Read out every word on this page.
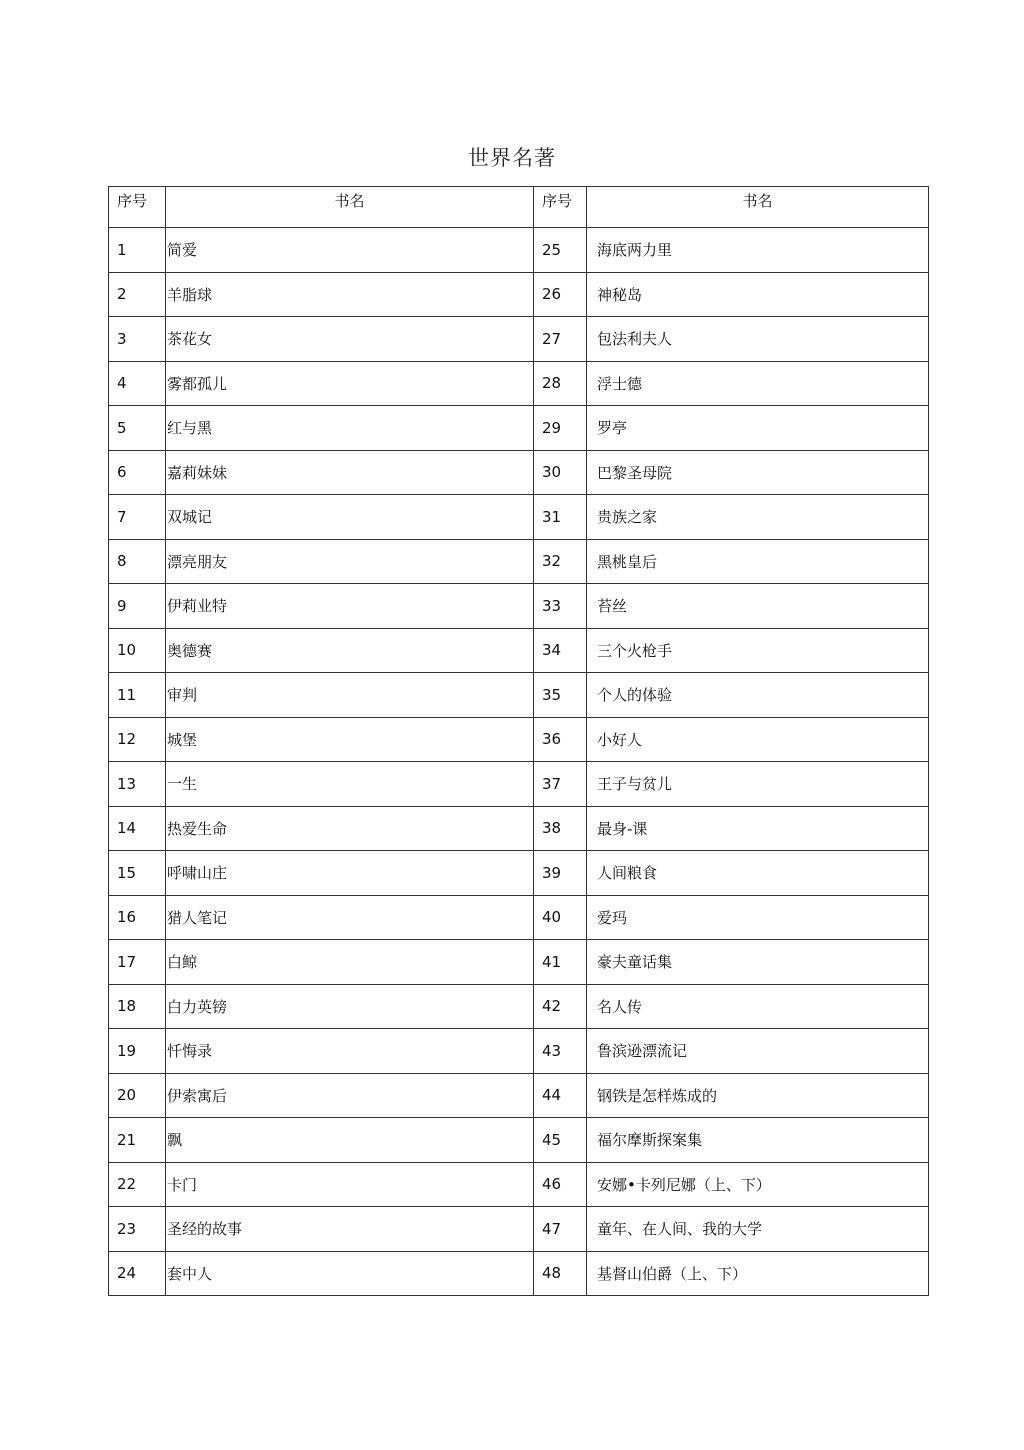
世界名著
序号	书名	序号	书名
1	简爱	25	海底两力里
2	羊脂球	26	神秘岛
3	茶花女	27	包法利夫人
4	雾都孤儿	28	浮士德
5	红与黑	29	罗亭
6	嘉莉妹妹	30	巴黎圣母院
7	双城记	31	贵族之家
8	漂亮朋友	32	黑桃皇后
9	伊莉业特	33	苔丝
10	奥德赛	34	三个火枪手
11	审判	35	个人的体验
12	城堡	36	小好人
13	一生	37	王子与贫儿
14	热爱生命	38	最身-课
15	呼啸山庄	39	人间粮食
16	猎人笔记	40	爱玛
17	白鲸	41	豪夫童话集
18	白力英镑	42	名人传
19	忏悔录	43	鲁滨逊漂流记
20	伊索寓后	44	钢铁是怎样炼成的
21	飘	45	福尔摩斯探案集
22	卡门	46	安娜•卡列尼娜（上、下）
23	圣经的故事	47	童年、在人间、我的大学
24	套中人	48	基督山伯爵（上、下）
